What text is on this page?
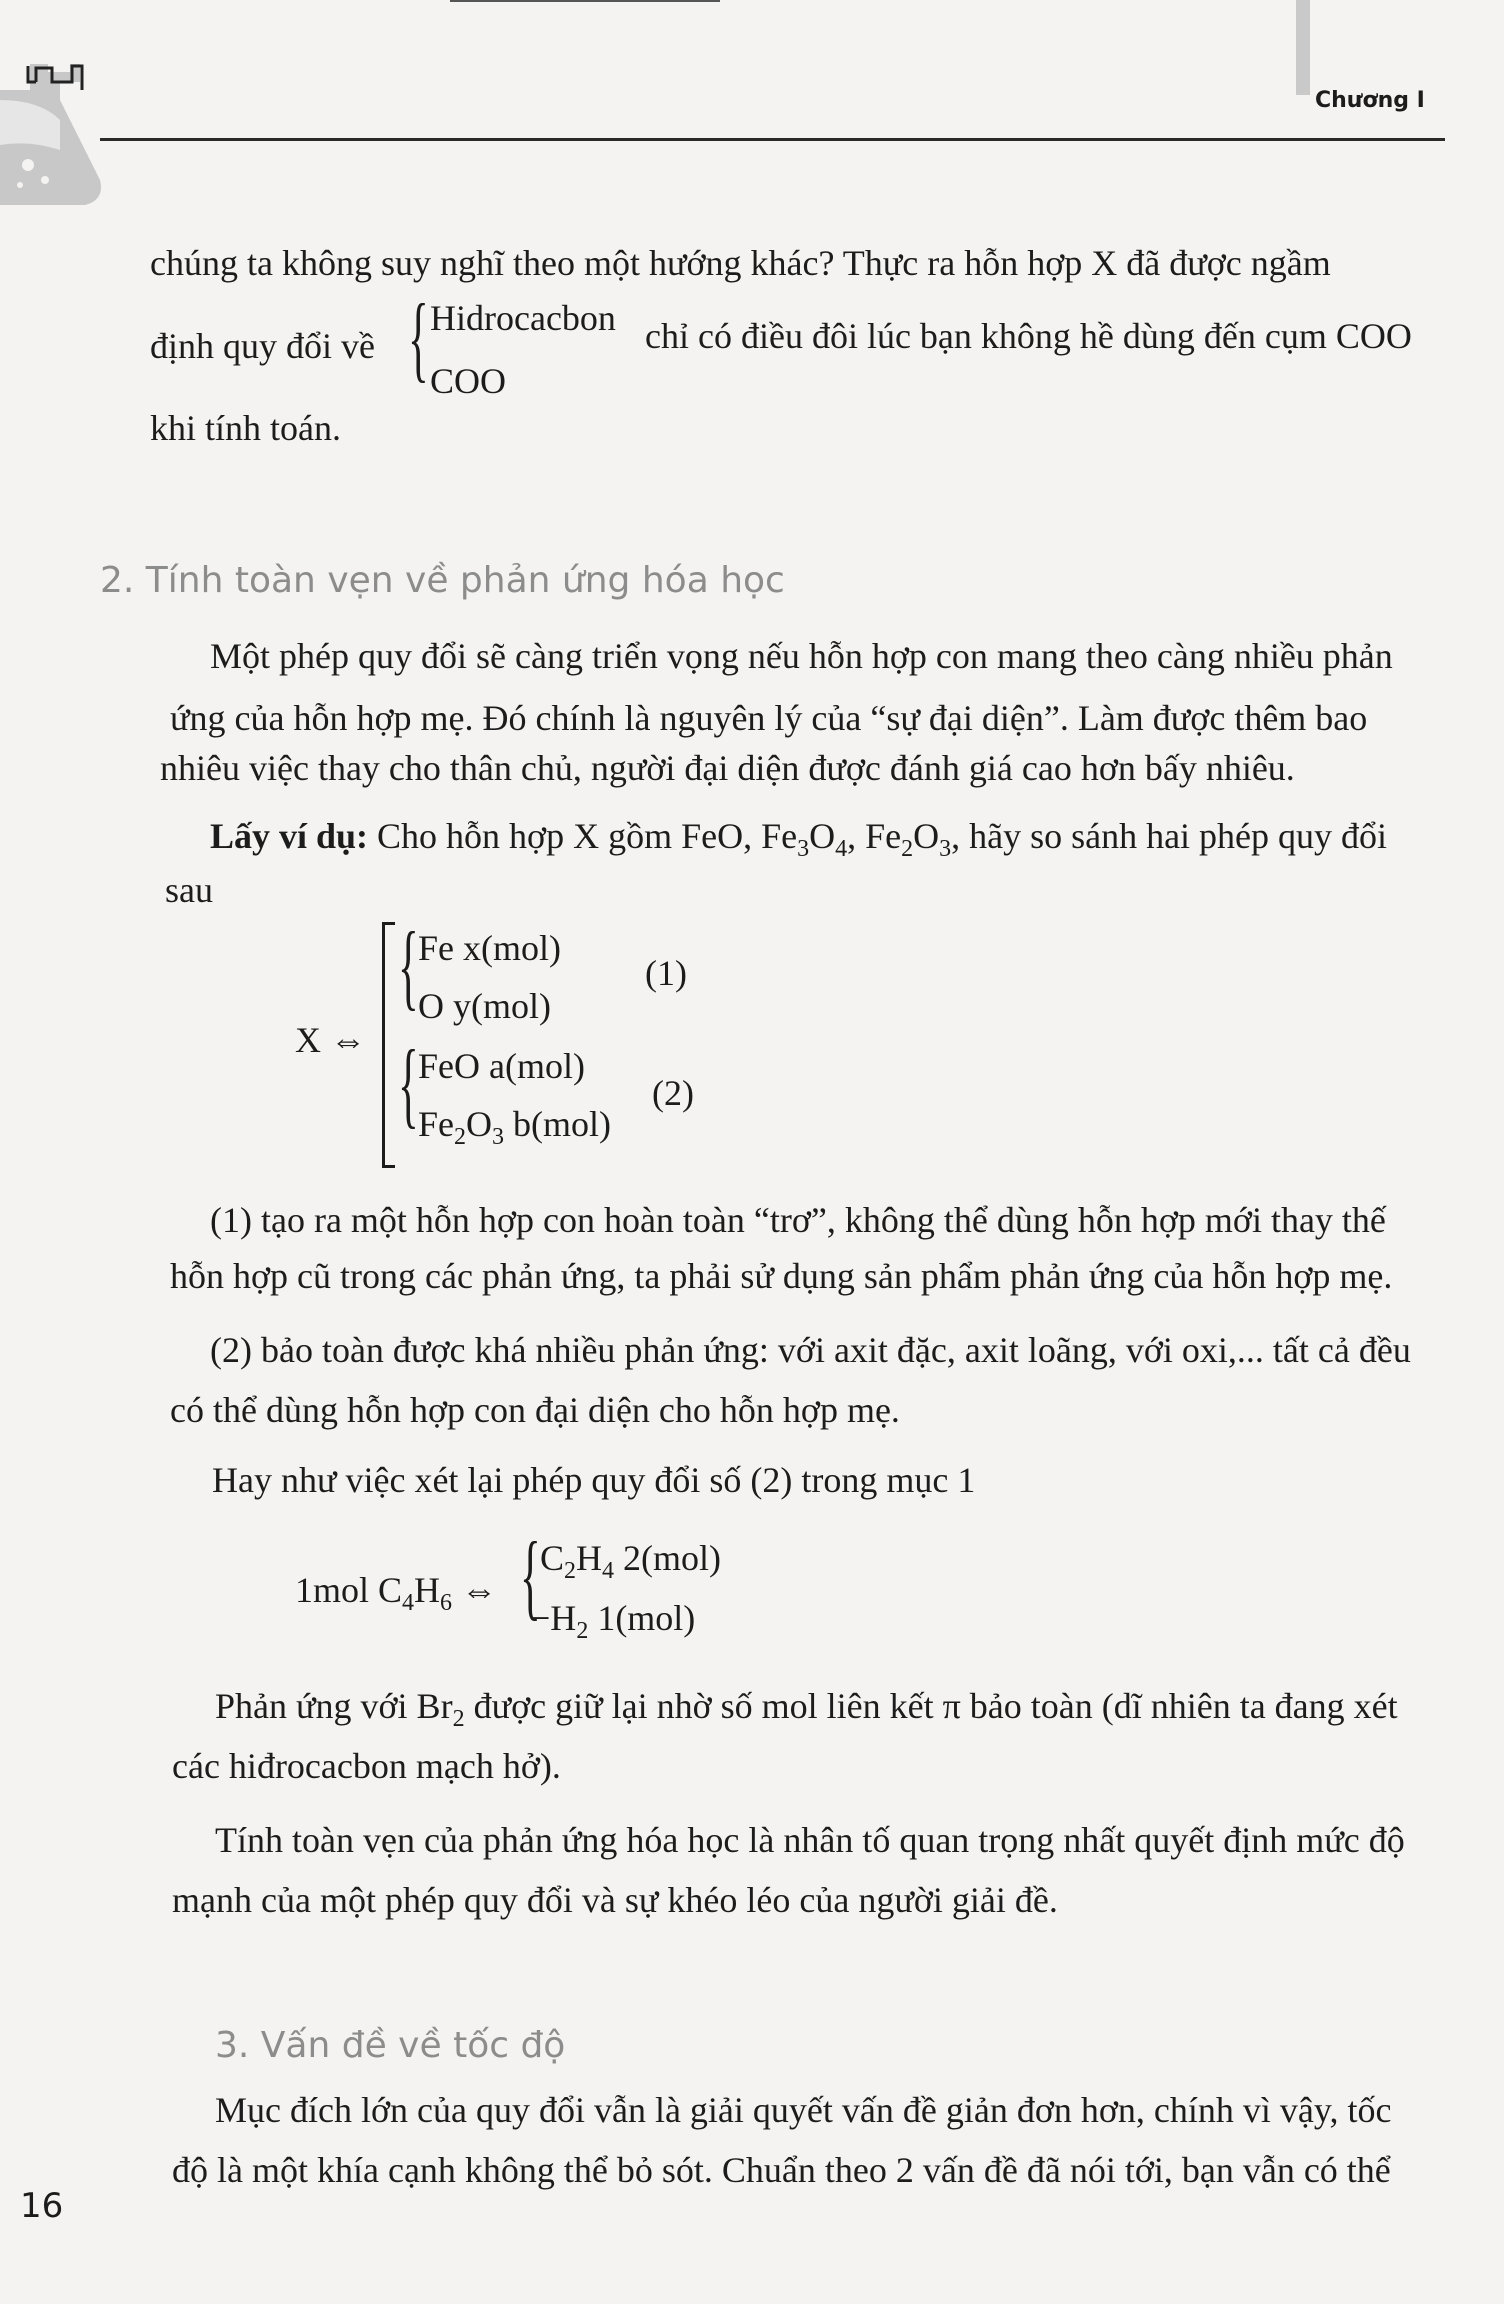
Chương I
chúng ta không suy nghĩ theo một hướng khác? Thực ra hỗn hợp X đã được ngầm
định quy đổi về { Hidrocacbon
COO
chỉ có điều đôi lúc bạn không hề dùng đến cụm COO
khi tính toán.
2. Tính toàn vẹn về phản ứng hóa học
Một phép quy đổi sẽ càng triển vọng nếu hỗn hợp con mang theo càng nhiều phản
ứng của hỗn hợp mẹ. Đó chính là nguyên lý của “sự đại diện”. Làm được thêm bao
nhiêu việc thay cho thân chủ, người đại diện được đánh giá cao hơn bấy nhiêu.
Lấy ví dụ: Cho hỗn hợp X gồm FeO, $Fe_3O_4$, $Fe_2O_3$, hãy so sánh hai phép quy đổi
sau
X ⇔
{ Fe x(mol)
O y(mol)
(1)
{ FeO a(mol)
$Fe_2O_3$ b(mol)
(2)
(1) tạo ra một hỗn hợp con hoàn toàn “trơ”, không thể dùng hỗn hợp mới thay thế
hỗn hợp cũ trong các phản ứng, ta phải sử dụng sản phẩm phản ứng của hỗn hợp mẹ.
(2) bảo toàn được khá nhiều phản ứng: với axit đặc, axit loãng, với oxi,... tất cả đều
có thể dùng hỗn hợp con đại diện cho hỗn hợp mẹ.
Hay như việc xét lại phép quy đổi số (2) trong mục 1
1mol $C_4H_6$ ⇔ { $C_2H_4$ 2(mol)
$-H_2$ 1(mol)
Phản ứng với $Br_2$ được giữ lại nhờ số mol liên kết π bảo toàn (dĩ nhiên ta đang xét
các hiđrocacbon mạch hở).
Tính toàn vẹn của phản ứng hóa học là nhân tố quan trọng nhất quyết định mức độ
mạnh của một phép quy đổi và sự khéo léo của người giải đề.
3. Vấn đề về tốc độ
Mục đích lớn của quy đổi vẫn là giải quyết vấn đề giản đơn hơn, chính vì vậy, tốc
độ là một khía cạnh không thể bỏ sót. Chuẩn theo 2 vấn đề đã nói tới, bạn vẫn có thể
16
